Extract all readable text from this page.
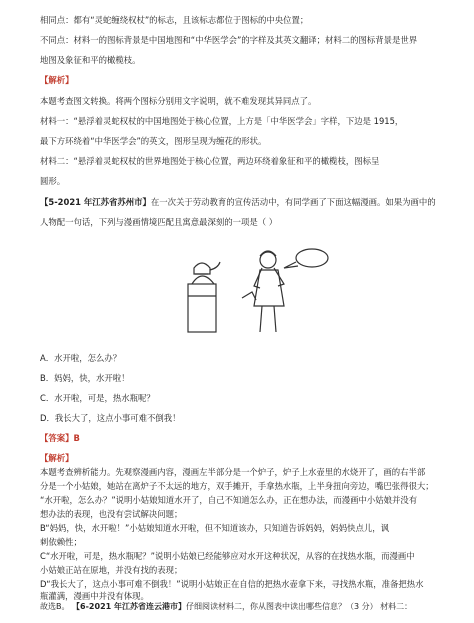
相同点：都有“灵蛇缠绕权杖”的标志，且该标志都位于图标的中央位置；
不同点：材料一的图标背景是中国地图和“中华医学会”的字样及其英文翻译；材料二的图标背景是世界
地图及象征和平的橄榄枝。
【解析】
本题考查图文转换。将两个图标分别用文字说明，就不难发现其异同点了。
材料一：“悬浮着灵蛇权杖的中国地图处于核心位置，上方是「中华医学会」字样，下边是 1915，
最下方环绕着“中华医学会”的英文，图形呈现为缠花的形状。
材料二：“悬浮着灵蛇权杖的世界地图处于核心位置，两边环绕着象征和平的橄榄枝，图标呈
圆形。
【5-2021 年江苏省苏州市】在一次关于劳动教育的宣传活动中，有同学画了下面这幅漫画。如果为画中的
人物配一句话，下列与漫画情境匹配且寓意最深刻的一项是（ ）
A．水开啦，怎么办？
B．妈妈，快，水开啦！
C．水开啦，可是，热水瓶呢？
D．我长大了，这点小事可难不倒我！
【答案】B
【解析】
本题考查辨析能力。先观察漫画内容，漫画左半部分是一个炉子，炉子上水壶里的水烧开了，画的右半部
分是一个小姑娘，她站在离炉子不太远的地方，双手摊开，手拿热水瓶，上半身扭向旁边，嘴巴张得很大；
“水开啦，怎么办？”说明小姑娘知道水开了，自己不知道怎么办，正在想办法，而漫画中小姑娘并没有
想办法的表现，也没有尝试解决问题；
B“妈妈，快，水开啦！”小姑娘知道水开啦，但不知道该办，只知道告诉妈妈，妈妈快点儿，讽
刺依赖性；
C“水开啦，可是，热水瓶呢？”说明小姑娘已经能够应对水开这种状况，从容的在找热水瓶，而漫画中
小姑娘正站在原地，并没有找的表现；
D“我长大了，这点小事可难不倒我！”说明小姑娘正在自信的把热水壶拿下来，寻找热水瓶，准备把热水
瓶灌满，漫画中并没有体现。
故选B。 【6-2021 年江苏省连云港市】仔细阅读材料二，你从图表中读出哪些信息？（3 分） 材料二：
